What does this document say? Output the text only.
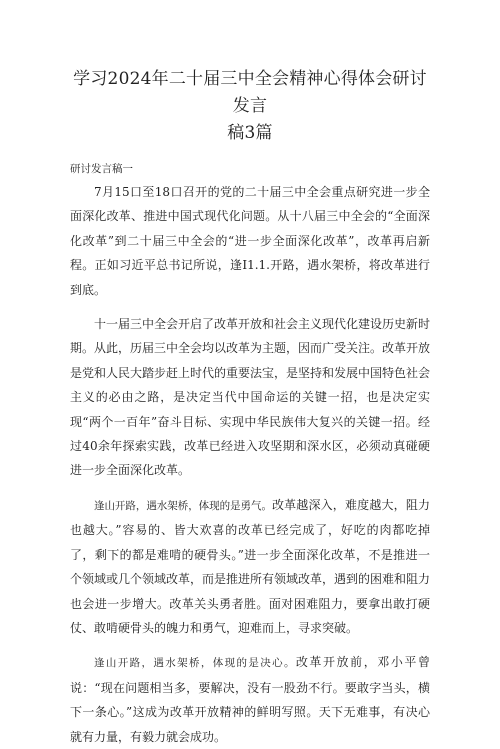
学习2024年二十届三中全会精神心得体会研讨发言
稿3篇
研讨发言稿一

7月15口至18口召开的党的二十届三中全会重点研究进一步全面深化改革、推进中国式现代化问题。从十八届三中全会的“全面深化改革”到二十届三中全会的“进一步全面深化改革”，改革再启新程。正如习近平总书记所说，逢I1.1.开路，遇水架桥，将改革进行到底。

十一届三中全会开启了改革开放和社会主义现代化建设历史新时期。从此，历届三中全会均以改革为主题，因而广受关注。改革开放是党和人民大踏步赶上时代的重要法宝，是坚持和发展中国特色社会主义的必由之路，是决定当代中国命运的关键一招，也是决定实现“两个一百年”奋斗目标、实现中华民族伟大复兴的关键一招。经过40余年探索实践，改革已经进入攻坚期和深水区，必须动真碰硬进一步全面深化改革。

逢山开路，遇水架桥，体现的是勇气。改革越深入，难度越大，阻力也越大。”容易的、皆大欢喜的改革已经完成了，好吃的肉都吃掉了，剩下的都是难啃的硬骨头。”进一步全面深化改革，不是推进一个领域或几个领域改革，而是推进所有领域改革，遇到的困难和阻力也会进一步增大。改革关头勇者胜。面对困难阻力，要拿出敢打硬仗、敢啃硬骨头的魄力和勇气，迎难而上，寻求突破。

逢山开路，遇水架桥，体现的是决心。改革开放前，邓小平曾说：“现在问题相当多，要解决，没有一股劲不行。要敢字当头，横下一条心。”这成为改革开放精神的鲜明写照。天下无难事，有决心就有力量，有毅力就会成功。
